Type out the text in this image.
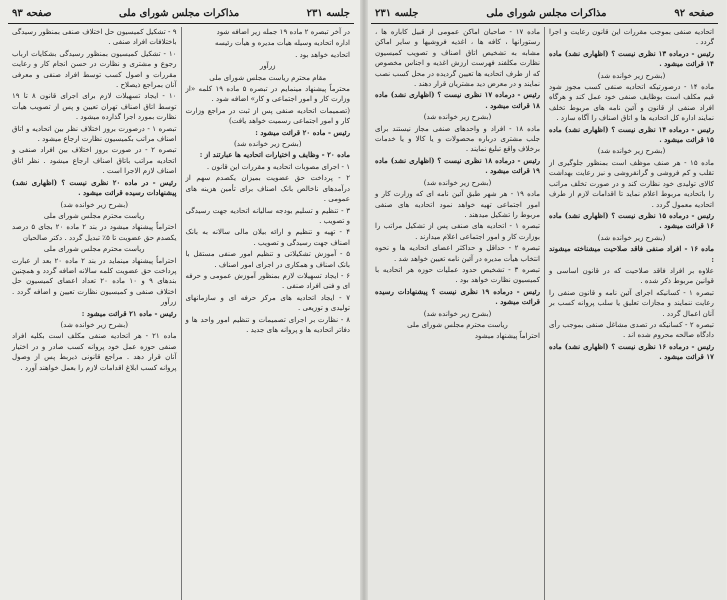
جلسه ۲۳۱
مذاکرات مجلس شورای ملی
صفحه ۹۳

در آخر تبصره ۲ ماده ۱۹ جمله زیر اضافه شود

اداره اتحادیه وسیله هیأت مدیره و هیأت رئیسه

اتحادیه خواهد بود .

زرآور

مقام محترم ریاست مجلس شورای ملی

محترماً پیشنهاد مینمایم در تبصره ۵ ماده ۱۹ کلمه «از وزارت کار و امور اجتماعی و کار» اضافه شود .

(تصمیمات اتحادیه صنفی پس از ثبت در مراجع وزارت کار و امور اجتماعی رسمیت خواهد یافت)

رئیس - ماده ۲۰ قرائت میشود :

(بشرح زیر خوانده شد)

ماده ۲۰ - وظایف و اختیارات اتحادیه ها عبارتند از :

۱ - اجرای مصوبات اتحادیه و مقررات این قانون .

۲ - پرداخت حق عضویت بمیزان یکصدم سهم از درآمدهای ناخالص بانک اصناف برای تأمین هزینه های عمومی .

۳ - تنظیم و تسلیم بودجه سالیانه اتحادیه جهت رسیدگی و تصویب .

۴ - تهیه و تنظیم و ارائه بیلان مالی سالانه به بانک اصناف جهت رسیدگی و تصویب .

۵ - آموزش تشکیلاتی و تنظیم امور صنفی مستقل با بانک اصناف و همکاری در اجرای امور اصناف .

۶ - ایجاد تسهیلات لازم بمنظور آموزش عمومی و حرفه ای و فنی افراد صنفی .

۷ - ایجاد اتحادیه های مرکز حرفه ای و سازمانهای تولیدی و توزیعی .

۸ - نظارت بر اجرای تصمیمات و تنظیم امور واحد ها و دفاتر اتحادیه ها و پروانه های جدید .

۹ - تشکیل کمیسیون حل اختلاف صنفی بمنظور رسیدگی باختلافات افراد صنفی .

۱۰ - تشکیل کمیسیون بمنظور رسیدگی بشکایات ارباب رجوع و مشتری و نظارت در حسن انجام کار و رعایت مقررات و اصول کسب توسط افراد صنفی و معرفی آنان بمراجع ذیصلاح .

۱۰ - ایجاد تسهیلات لازم برای اجرای قانون ۸ تا ۱۹ توسط اتاق اصناف تهران تعیین و پس از تصویب هیأت نظارت بمورد اجرا گذارده میشود .

تبصره ۱ - درصورت بروز اختلاف نظر بین اتحادیه و اتاق اصناف مراتب بکمیسیون نظارت ارجاع میشود .

تبصره ۲ - در صورت بروز اختلاف بین افراد صنفی و اتحادیه مراتب باتاق اصناف ارجاع میشود . نظر اتاق اصناف لازم الاجرا است .

رئیس - در ماده ۲۰ نظری نیست ؟ (اظهاری نشد) پیشنهادات رسیده قرائت میشود .

(بشرح زیر خوانده شد)

ریاست محترم مجلس شورای ملی

احتراماً پیشنهاد میشود در بند ۲ ماده ۲۰ بجای ۵ درصد یکصدم حق عضویت تا ۵٪ تبدیل گردد . دکتر صالحیان

ریاست محترم مجلس شورای ملی

احتراماً پیشنهاد مینماید در بند ۲ ماده ۲۰ بعد از عبارت پرداخت حق عضویت کلمه سالانه اضافه گردد و همچنین بندهای ۹ و ۱۰ ماده ۲۰ تعداد اعضای کمیسیون حل اختلاف صنفی و کمیسیون نظارت تعیین و اضافه گردد . زرآور

رئیس - ماده ۲۱ قرائت میشود :

(بشرح زیر خوانده شد)

ماده ۲۱ - هر اتحادیه صنفی مکلف است بکلیه افراد صنفی حوزه عمل خود پروانه کسب صادر و در اختیار آنان قرار دهد . مراجع قانونی ذیربط پس از وصول پروانه کسب ابلاغ اقدامات لازم را بعمل خواهند آورد .

صفحه ۹۲
مذاکرات مجلس شورای ملی
جلسه ۲۳۱

اتحادیه صنفی بموجب مقررات این قانون رعایت و اجرا گردد .

رئیس - درماده ۱۳ نظری نیست ؟ (اظهاری نشد) ماده ۱۴ قرائت میشود .

(بشرح زیر خوانده شد)

ماده ۱۴ - درصورتیکه اتحادیه صنفی کسب مجوز شود قیم مکلف است بوظایف صنفی خود عمل کند و هرگاه افراد صنفی از قانون و آئین نامه های مربوط تخلف نمایند اداره کل اتحادیه ها و اتاق اصناف را آگاه سازد .

رئیس - درماده ۱۴ نظری نیست ؟ (اظهاری نشد) ماده ۱۵ قرائت میشود .

(بشرح زیر خوانده شد)

ماده ۱۵ - هر صنف موظف است بمنظور جلوگیری از تقلب و کم فروشی و گرانفروشی و نیز رعایت بهداشت کالای تولیدی خود نظارت کند و در صورت تخلف مراتب را باتحادیه مربوط اعلام نماید تا اقدامات لازم از طرف اتحادیه معمول گردد .

رئیس - درماده ۱۵ نظری نیست ؟ (اظهاری نشد) ماده ۱۶ قرائت میشود .

(بشرح زیر خوانده شد)

ماده ۱۶ - افراد صنفی فاقد صلاحیت میشناخته میشوند :

علاوه بر افراد فاقد صلاحیت که در قانون اساسی و قوانین مربوط ذکر شده .

تبصره ۱ - کسانیکه اجرای آئین نامه و قانون صنفی را رعایت ننمایند و مجازات تعلیق یا سلب پروانه کسب بر آنان اعمال گردد .

تبصره ۲ - کسانیکه در تصدی مشاغل صنفی بموجب رأی دادگاه صالحه محروم شده اند .

رئیس - درماده ۱۶ نظری نیست ؟ (اظهاری نشد) ماده ۱۷ قرائت میشود .

ماده ۱۷ - صاحبان اماکن عمومی از قبیل کاباره ها ، رستورانها ، کافه ها ، اغذیه فروشیها و سایر اماکن مشابه به تشخیص اتاق اصناف و تصویب کمیسیون نظارت مکلفند فهرست ارزش اغذیه و اجناس مخصوص که از طرف اتحادیه ها تعیین گردیده در محل کسب نصب نمایند و در معرض دید مشتریان قرار دهند .

رئیس - درماده ۱۷ نظری نیست ؟ (اظهاری نشد) ماده ۱۸ قرائت میشود .

(بشرح زیر خوانده شد)

ماده ۱۸ - افراد و واحدهای صنفی مجاز نیستند برای جلب مشتری درباره محصولات و یا کالا و یا خدمات برخلاف واقع تبلیغ نمایند .

رئیس - درماده ۱۸ نظری نیست ؟ (اظهاری نشد) ماده ۱۹ قرائت میشود .

(بشرح زیر خوانده شد)

ماده ۱۹ - هر شهر طبق آئین نامه ای که وزارت کار و امور اجتماعی تهیه خواهد نمود اتحادیه های صنفی مربوط را تشکیل میدهند .

تبصره ۱ - اتحادیه های صنفی پس از تشکیل مراتب را بوزارت کار و امور اجتماعی اعلام میدارند .

تبصره ۲ - حداقل و حداکثر اعضای اتحادیه ها و نحوه انتخاب هیأت مدیره در آئین نامه تعیین خواهد شد .

تبصره ۳ - تشخیص حدود عملیات حوزه هر اتحادیه با کمیسیون نظارت خواهد بود .

رئیس - درماده ۱۹ نظری نیست ؟ پیشنهادات رسیده قرائت میشود .

(بشرح زیر خوانده شد)

ریاست محترم مجلس شورای ملی

احتراماً پیشنهاد میشود
